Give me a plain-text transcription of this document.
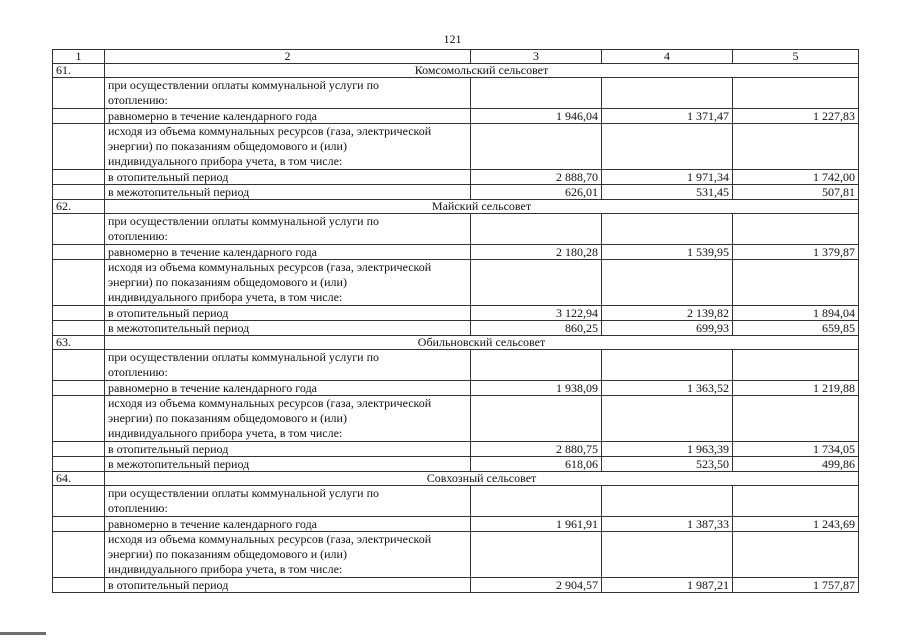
121
1	2	3	4	5
61.	Комсомольский сельсовет			

	при осуществлении оплаты коммунальной услуги по
отоплению:			

	равномерно в течение календарного года	1 946,04	1 371,47	1 227,83

	исходя из объема коммунальных ресурсов (газа, электрической
энергии) по показаниям общедомового и (или)
индивидуального прибора учета, в том числе:			

	в отопительный период	2 888,70	1 971,34	1 742,00

	в межотопительный период	626,01	531,45	507,81
62.	Майский сельсовет			

	при осуществлении оплаты коммунальной услуги по
отоплению:			

	равномерно в течение календарного года	2 180,28	1 539,95	1 379,87

	исходя из объема коммунальных ресурсов (газа, электрической
энергии) по показаниям общедомового и (или)
индивидуального прибора учета, в том числе:			

	в отопительный период	3 122,94	2 139,82	1 894,04

	в межотопительный период	860,25	699,93	659,85
63.	Обильновский сельсовет			

	при осуществлении оплаты коммунальной услуги по
отоплению:			

	равномерно в течение календарного года	1 938,09	1 363,52	1 219,88

	исходя из объема коммунальных ресурсов (газа, электрической
энергии) по показаниям общедомового и (или)
индивидуального прибора учета, в том числе:			

	в отопительный период	2 880,75	1 963,39	1 734,05

	в межотопительный период	618,06	523,50	499,86
64.	Совхозный сельсовет			

	при осуществлении оплаты коммунальной услуги по
отоплению:			

	равномерно в течение календарного года	1 961,91	1 387,33	1 243,69

	исходя из объема коммунальных ресурсов (газа, электрической
энергии) по показаниям общедомового и (или)
индивидуального прибора учета, в том числе:			

	в отопительный период	2 904,57	1 987,21	1 757,87
